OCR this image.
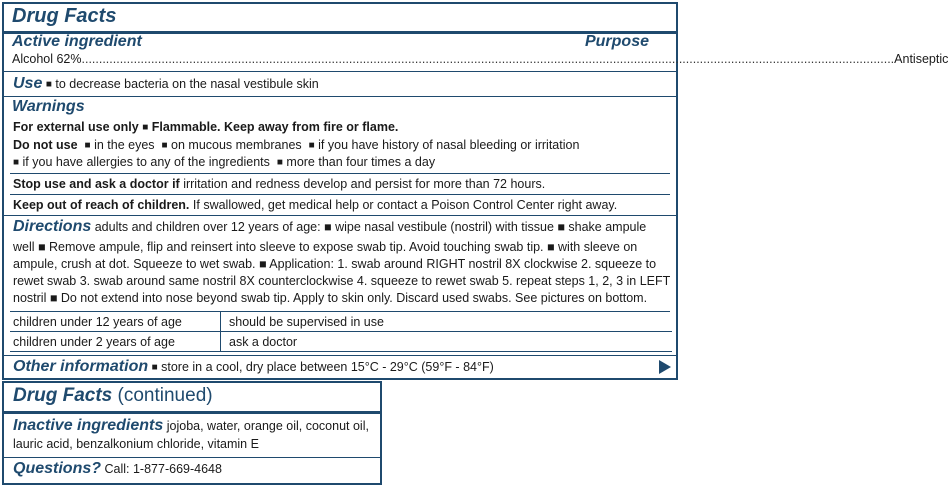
Drug Facts
Active ingredient	Purpose
Alcohol 62% .......................................................................................................................................................................................................................................... Antiseptic
Use ■ to decrease bacteria on the nasal vestibule skin
Warnings
For external use only ■ Flammable. Keep away from fire or flame.
Do not use ■ in the eyes ■ on mucous membranes ■ if you have history of nasal bleeding or irritation
■ if you have allergies to any of the ingredients ■ more than four times a day
Stop use and ask a doctor if irritation and redness develop and persist for more than 72 hours.
Keep out of reach of children. If swallowed, get medical help or contact a Poison Control Center right away.
Directions adults and children over 12 years of age: ■ wipe nasal vestibule (nostril) with tissue ■ shake ampule
well ■ Remove ampule, flip and reinsert into sleeve to expose swab tip. Avoid touching swab tip. ■ with sleeve on
ampule, crush at dot. Squeeze to wet swab. ■ Application: 1. swab around RIGHT nostril 8X clockwise 2. squeeze to
rewet swab 3. swab around same nostril 8X counterclockwise 4. squeeze to rewet swab 5. repeat steps 1, 2, 3 in LEFT
nostril ■ Do not extend into nose beyond swab tip. Apply to skin only. Discard used swabs. See pictures on bottom.
children under 12 years of age	should be supervised in use
children under 2 years of age	ask a doctor
Other information ■ store in a cool, dry place between 15°C - 29°C (59°F - 84°F)
Drug Facts (continued)
Inactive ingredients jojoba, water, orange oil, coconut oil,
lauric acid, benzalkonium chloride, vitamin E
Questions? Call: 1-877-669-4648
